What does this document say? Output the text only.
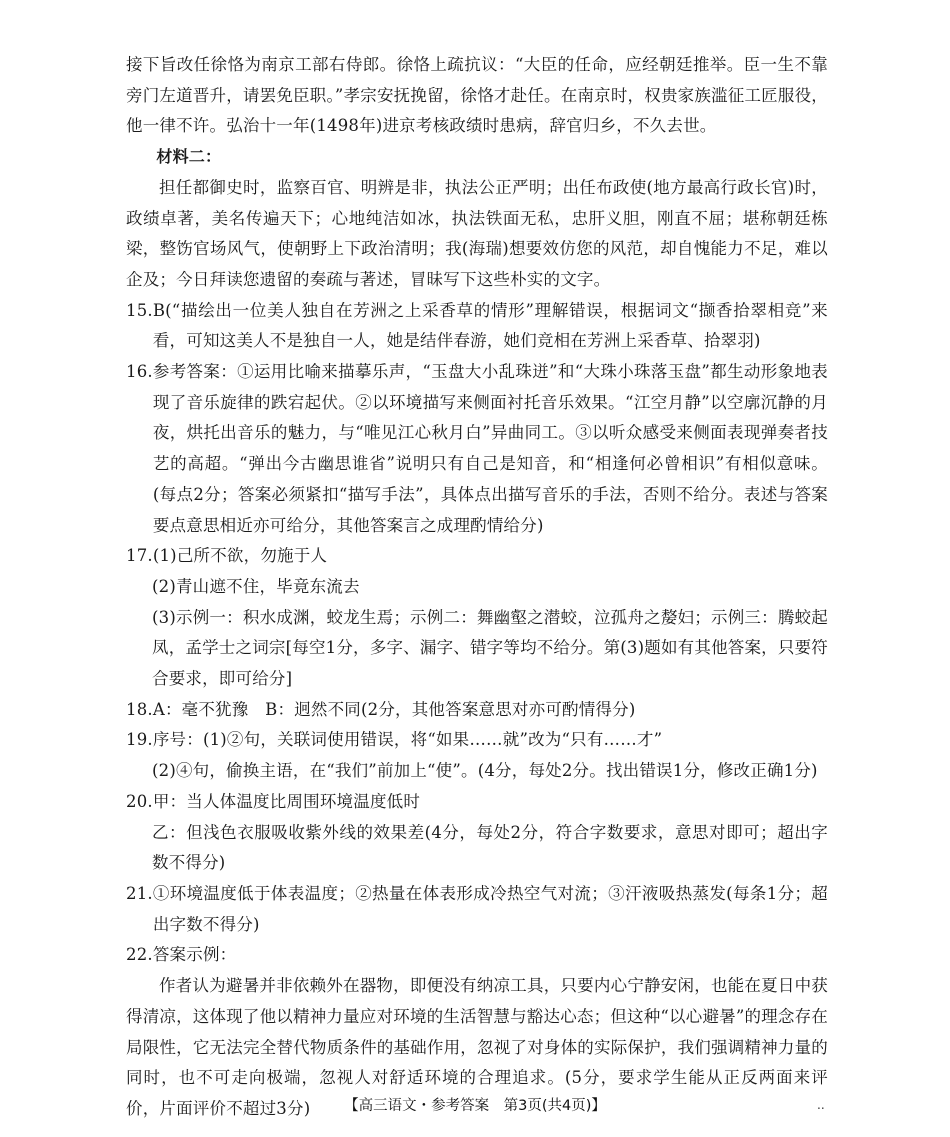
接下旨改任徐恪为南京工部右侍郎。徐恪上疏抗议：“大臣的任命，应经朝廷推举。臣一生不靠旁门左道晋升，请罢免臣职。”孝宗安抚挽留，徐恪才赴任。在南京时，权贵家族滥征工匠服役，他一律不许。弘治十一年(1498年)进京考核政绩时患病，辞官归乡，不久去世。

材料二：

担任都御史时，监察百官、明辨是非，执法公正严明；出任布政使(地方最高行政长官)时，政绩卓著，美名传遍天下；心地纯洁如冰，执法铁面无私，忠肝义胆，刚直不屈；堪称朝廷栋梁，整饬官场风气，使朝野上下政治清明；我(海瑞)想要效仿您的风范，却自愧能力不足，难以企及；今日拜读您遗留的奏疏与著述，冒昧写下这些朴实的文字。

15. B(“描绘出一位美人独自在芳洲之上采香草的情形”理解错误，根据词文“撷香拾翠相竞”来看，可知这美人不是独自一人，她是结伴春游，她们竞相在芳洲上采香草、拾翠羽)
16. 参考答案：①运用比喻来描摹乐声，“玉盘大小乱珠迸”和“大珠小珠落玉盘”都生动形象地表现了音乐旋律的跌宕起伏。②以环境描写来侧面衬托音乐效果。“江空月静”以空廓沉静的月夜，烘托出音乐的魅力，与“唯见江心秋月白”异曲同工。③以听众感受来侧面表现弹奏者技艺的高超。“弹出今古幽思谁省”说明只有自己是知音，和“相逢何必曾相识”有相似意味。(每点2分；答案必须紧扣“描写手法”，具体点出描写音乐的手法，否则不给分。表述与答案要点意思相近亦可给分，其他答案言之成理酌情给分)
17. (1)己所不欲，勿施于人

(2)青山遮不住，毕竟东流去

(3)示例一：积水成渊，蛟龙生焉；示例二：舞幽壑之潜蛟，泣孤舟之嫠妇；示例三：腾蛟起凤，孟学士之词宗[每空1分，多字、漏字、错字等均不给分。第(3)题如有其他答案，只要符合要求，即可给分]

18. A：毫不犹豫　B：迥然不同(2分，其他答案意思对亦可酌情得分)
19. 序号：(1)②句，关联词使用错误，将“如果……就”改为“只有……才”

(2)④句，偷换主语，在“我们”前加上“使”。(4分，每处2分。找出错误1分，修改正确1分)

20. 甲：当人体温度比周围环境温度低时

乙：但浅色衣服吸收紫外线的效果差(4分，每处2分，符合字数要求，意思对即可；超出字数不得分)

21. ①环境温度低于体表温度；②热量在体表形成冷热空气对流；③汗液吸热蒸发(每条1分；超出字数不得分)
22. 答案示例：

作者认为避暑并非依赖外在器物，即便没有纳凉工具，只要内心宁静安闲，也能在夏日中获得清凉，这体现了他以精神力量应对环境的生活智慧与豁达心态；但这种“以心避暑”的理念存在局限性，它无法完全替代物质条件的基础作用，忽视了对身体的实际保护，我们强调精神力量的同时，也不可走向极端，忽视人对舒适环境的合理追求。(5分，要求学生能从正反两面来评价，片面评价不超过3分)	【高三语文・参考答案　第3页(共4页)】	..
